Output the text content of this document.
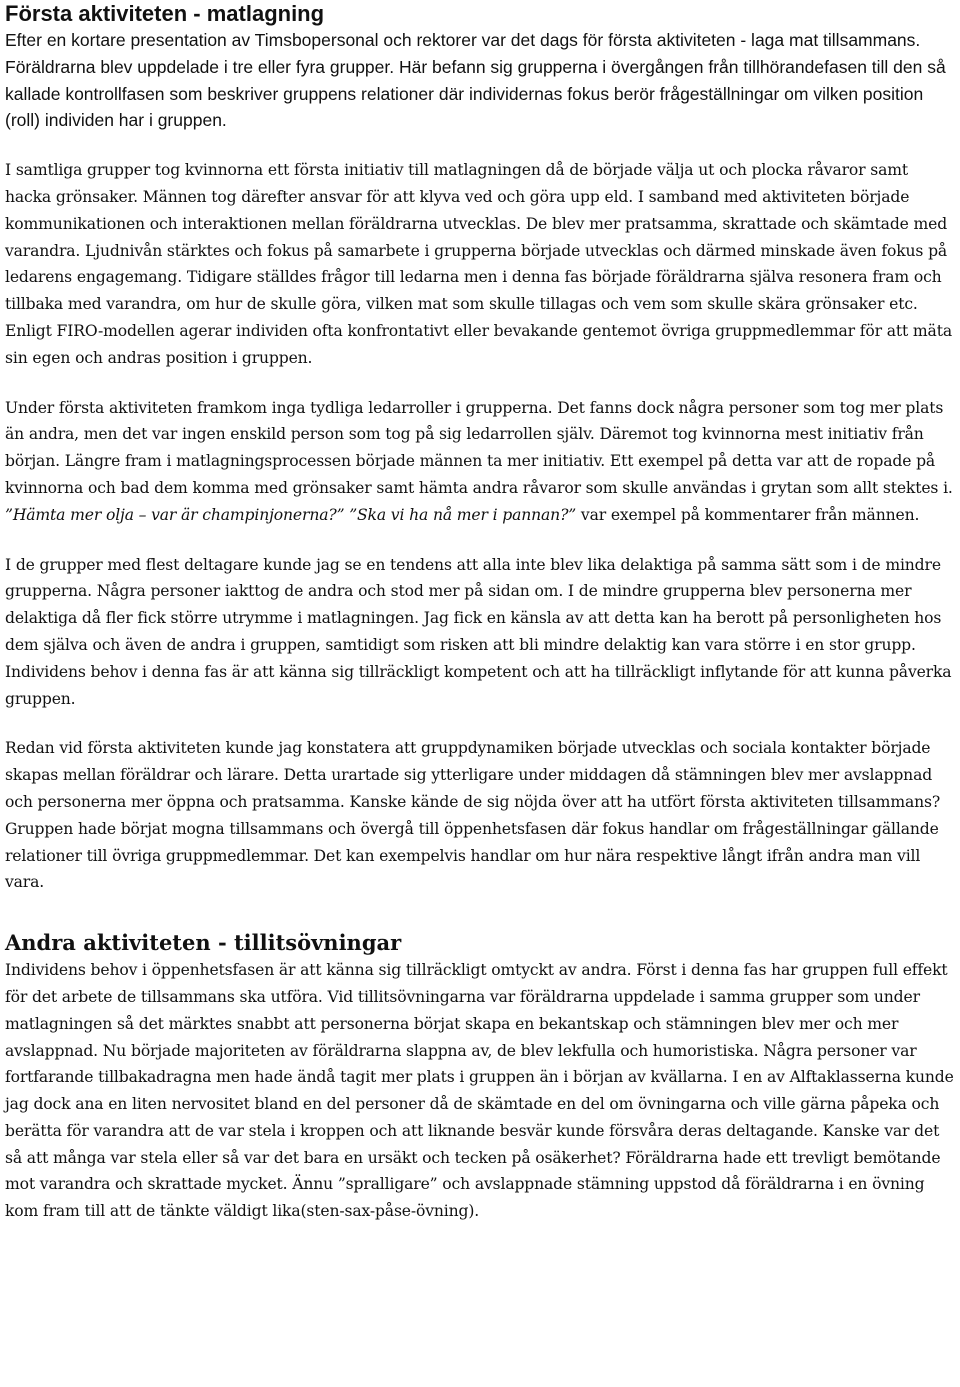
Första aktiviteten - matlagning

Efter en kortare presentation av Timsbopersonal och rektorer var det dags för första aktiviteten - laga mat tillsammans. Föräldrarna blev uppdelade i tre eller fyra grupper. Här befann sig grupperna i övergången från tillhörandefasen till den så kallade kontrollfasen som beskriver gruppens relationer där individernas fokus berör frågeställningar om vilken position (roll) individen har i gruppen.

I samtliga grupper tog kvinnorna ett första initiativ till matlagningen då de började välja ut och plocka råvaror samt hacka grönsaker. Männen tog därefter ansvar för att klyva ved och göra upp eld. I samband med aktiviteten började kommunikationen och interaktionen mellan föräldrarna utvecklas. De blev mer pratsamma, skrattade och skämtade med varandra. Ljudnivån stärktes och fokus på samarbete i grupperna började utvecklas och därmed minskade även fokus på ledarens engagemang. Tidigare ställdes frågor till ledarna men i denna fas började föräldrarna själva resonera fram och tillbaka med varandra, om hur de skulle göra, vilken mat som skulle tillagas och vem som skulle skära grönsaker etc. Enligt FIRO-modellen agerar individen ofta konfrontativt eller bevakande gentemot övriga gruppmedlemmar för att mäta sin egen och andras position i gruppen.

Under första aktiviteten framkom inga tydliga ledarroller i grupperna. Det fanns dock några personer som tog mer plats än andra, men det var ingen enskild person som tog på sig ledarrollen själv. Däremot tog kvinnorna mest initiativ från början. Längre fram i matlagningsprocessen började männen ta mer initiativ. Ett exempel på detta var att de ropade på kvinnorna och bad dem komma med grönsaker samt hämta andra råvaror som skulle användas i grytan som allt stektes i. ”Hämta mer olja – var är champinjonerna?” ”Ska vi ha nå mer i pannan?” var exempel på kommentarer från männen.

I de grupper med flest deltagare kunde jag se en tendens att alla inte blev lika delaktiga på samma sätt som i de mindre grupperna. Några personer iakttog de andra och stod mer på sidan om. I de mindre grupperna blev personerna mer delaktiga då fler fick större utrymme i matlagningen. Jag fick en känsla av att detta kan ha berott på personligheten hos dem själva och även de andra i gruppen, samtidigt som risken att bli mindre delaktig kan vara större i en stor grupp. Individens behov i denna fas är att känna sig tillräckligt kompetent och att ha tillräckligt inflytande för att kunna påverka gruppen.

Redan vid första aktiviteten kunde jag konstatera att gruppdynamiken började utvecklas och sociala kontakter började skapas mellan föräldrar och lärare. Detta urartade sig ytterligare under middagen då stämningen blev mer avslappnad och personerna mer öppna och pratsamma. Kanske kände de sig nöjda över att ha utfört första aktiviteten tillsammans? Gruppen hade börjat mogna tillsammans och övergå till öppenhetsfasen där fokus handlar om frågeställningar gällande relationer till övriga gruppmedlemmar. Det kan exempelvis handlar om hur nära respektive långt ifrån andra man vill vara.

Andra aktiviteten - tillitsövningar

Individens behov i öppenhetsfasen är att känna sig tillräckligt omtyckt av andra. Först i denna fas har gruppen full effekt för det arbete de tillsammans ska utföra. Vid tillitsövningarna var föräldrarna uppdelade i samma grupper som under matlagningen så det märktes snabbt att personerna börjat skapa en bekantskap och stämningen blev mer och mer avslappnad. Nu började majoriteten av föräldrarna slappna av, de blev lekfulla och humoristiska. Några personer var fortfarande tillbakadragna men hade ändå tagit mer plats i gruppen än i början av kvällarna. I en av Alftaklasserna kunde jag dock ana en liten nervositet bland en del personer då de skämtade en del om övningarna och ville gärna påpeka och berätta för varandra att de var stela i kroppen och att liknande besvär kunde försvåra deras deltagande. Kanske var det så att många var stela eller så var det bara en ursäkt och tecken på osäkerhet? Föräldrarna hade ett trevligt bemötande mot varandra och skrattade mycket. Ännu ”spralligare” och avslappnade stämning uppstod då föräldrarna i en övning kom fram till att de tänkte väldigt lika(sten-sax-påse-övning).
